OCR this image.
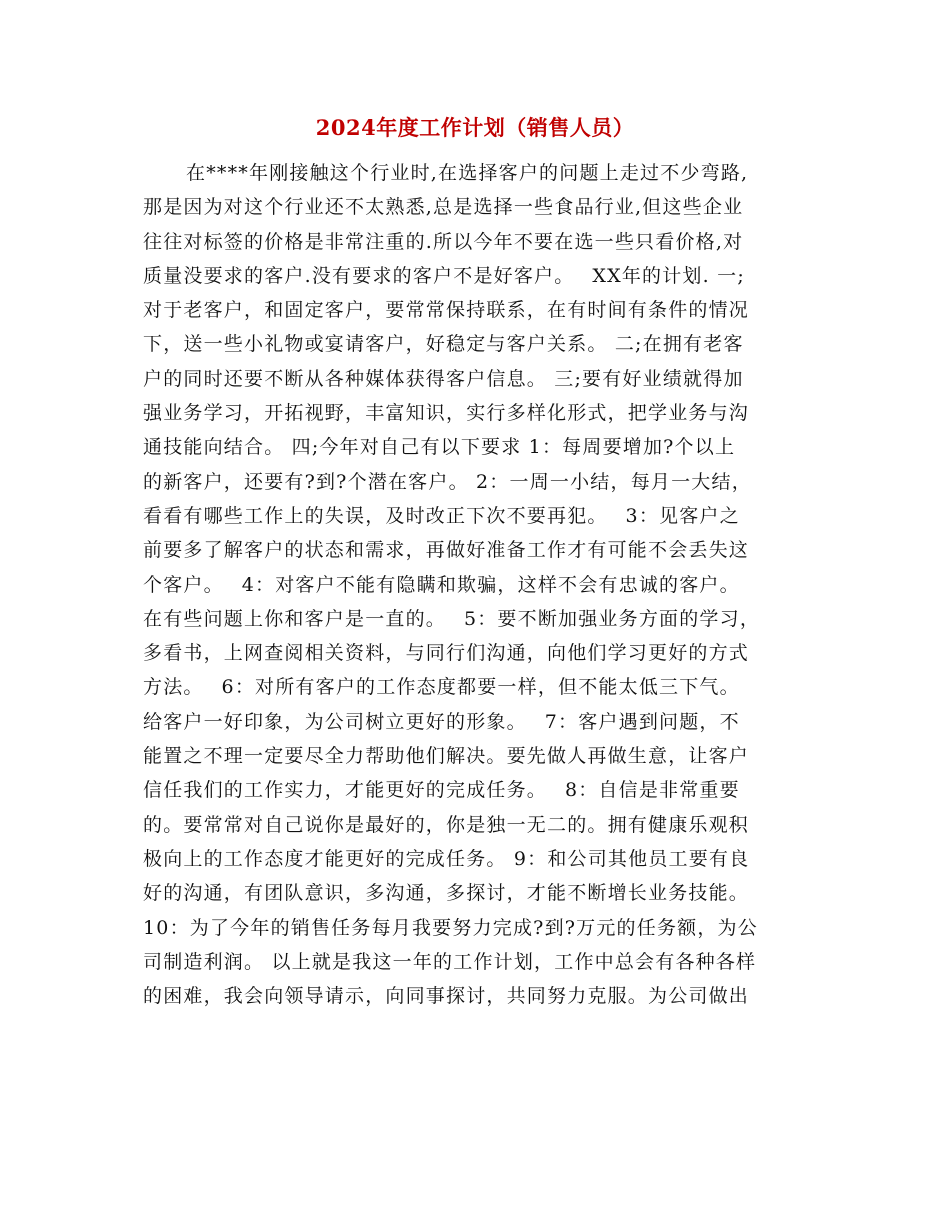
2024年度工作计划（销售人员）
在****年刚接触这个行业时,在选择客户的问题上走过不少弯路,
那是因为对这个行业还不太熟悉,总是选择一些食品行业,但这些企业
往往对标签的价格是非常注重的.所以今年不要在选一些只看价格,对
质量没要求的客户.没有要求的客户不是好客户。　 XX年的计划. 一;
对于老客户，和固定客户，要常常保持联系，在有时间有条件的情况
下，送一些小礼物或宴请客户，好稳定与客户关系。 二;在拥有老客
户的同时还要不断从各种媒体获得客户信息。 三;要有好业绩就得加
强业务学习，开拓视野，丰富知识，实行多样化形式，把学业务与沟
通技能向结合。 四;今年对自己有以下要求 1：每周要增加?个以上
的新客户，还要有?到?个潜在客户。 2：一周一小结，每月一大结，
看看有哪些工作上的失误，及时改正下次不要再犯。　 3：见客户之
前要多了解客户的状态和需求，再做好准备工作才有可能不会丢失这
个客户。　 4：对客户不能有隐瞒和欺骗，这样不会有忠诚的客户。
在有些问题上你和客户是一直的。　 5：要不断加强业务方面的学习，
多看书，上网查阅相关资料，与同行们沟通，向他们学习更好的方式
方法。　 6：对所有客户的工作态度都要一样，但不能太低三下气。
给客户一好印象，为公司树立更好的形象。　 7：客户遇到问题，不
能置之不理一定要尽全力帮助他们解决。要先做人再做生意，让客户
信任我们的工作实力，才能更好的完成任务。　 8：自信是非常重要
的。要常常对自己说你是最好的，你是独一无二的。拥有健康乐观积
极向上的工作态度才能更好的完成任务。 9：和公司其他员工要有良
好的沟通，有团队意识，多沟通，多探讨，才能不断增长业务技能。
10：为了今年的销售任务每月我要努力完成?到?万元的任务额，为公
司制造利润。 以上就是我这一年的工作计划，工作中总会有各种各样
的困难，我会向领导请示，向同事探讨，共同努力克服。为公司做出
